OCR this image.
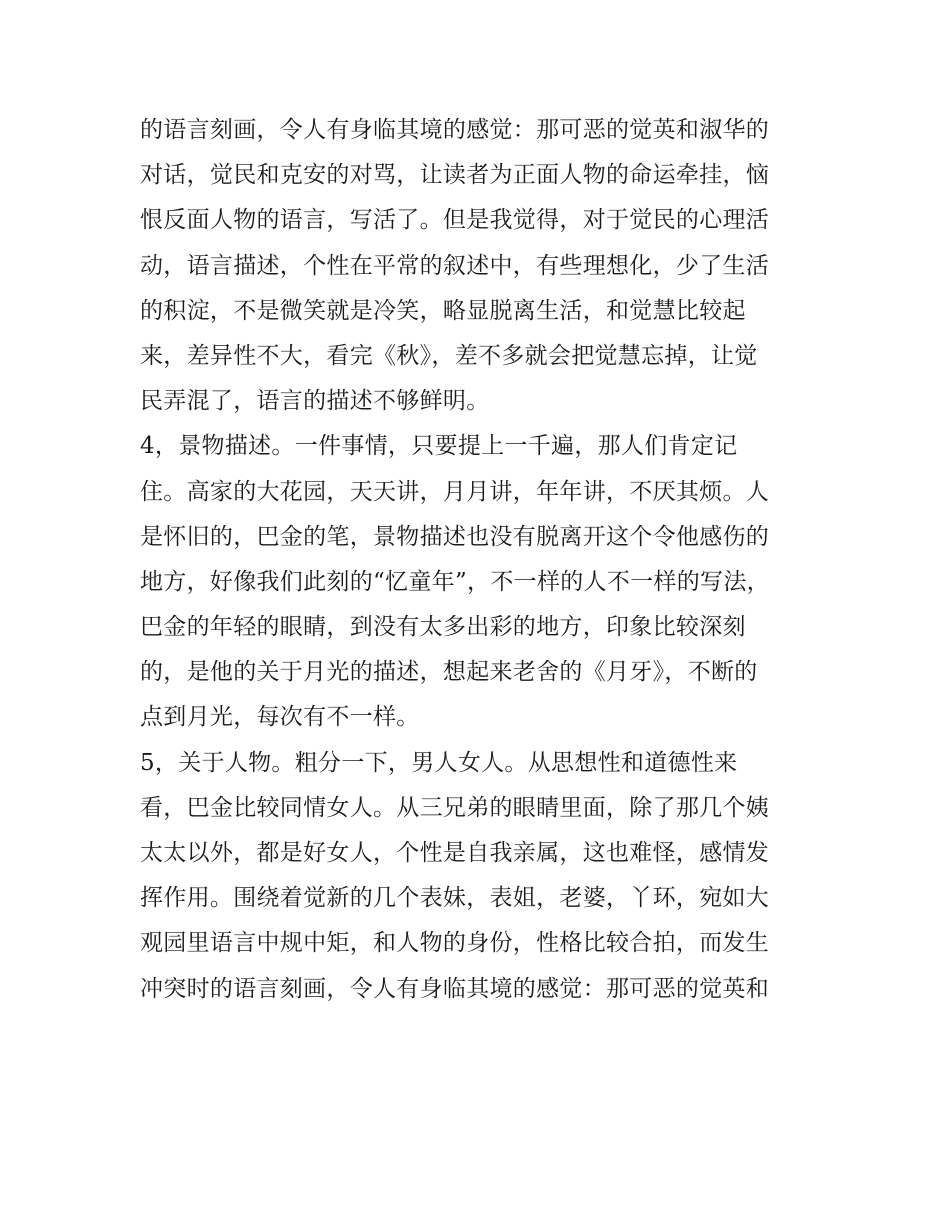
的语言刻画，令人有身临其境的感觉：那可恶的觉英和淑华的
对话，觉民和克安的对骂，让读者为正面人物的命运牵挂，恼
恨反面人物的语言，写活了。但是我觉得，对于觉民的心理活
动，语言描述，个性在平常的叙述中，有些理想化，少了生活
的积淀，不是微笑就是冷笑，略显脱离生活，和觉慧比较起
来，差异性不大，看完《秋》，差不多就会把觉慧忘掉，让觉
民弄混了，语言的描述不够鲜明。
4，景物描述。一件事情，只要提上一千遍，那人们肯定记
住。高家的大花园，天天讲，月月讲，年年讲，不厌其烦。人
是怀旧的，巴金的笔，景物描述也没有脱离开这个令他感伤的
地方，好像我们此刻的“忆童年”，不一样的人不一样的写法，
巴金的年轻的眼睛，到没有太多出彩的地方，印象比较深刻
的，是他的关于月光的描述，想起来老舍的《月牙》，不断的
点到月光，每次有不一样。
5，关于人物。粗分一下，男人女人。从思想性和道德性来
看，巴金比较同情女人。从三兄弟的眼睛里面，除了那几个姨
太太以外，都是好女人，个性是自我亲属，这也难怪，感情发
挥作用。围绕着觉新的几个表妹，表姐，老婆，丫环，宛如大
观园里语言中规中矩，和人物的身份，性格比较合拍，而发生
冲突时的语言刻画，令人有身临其境的感觉：那可恶的觉英和
